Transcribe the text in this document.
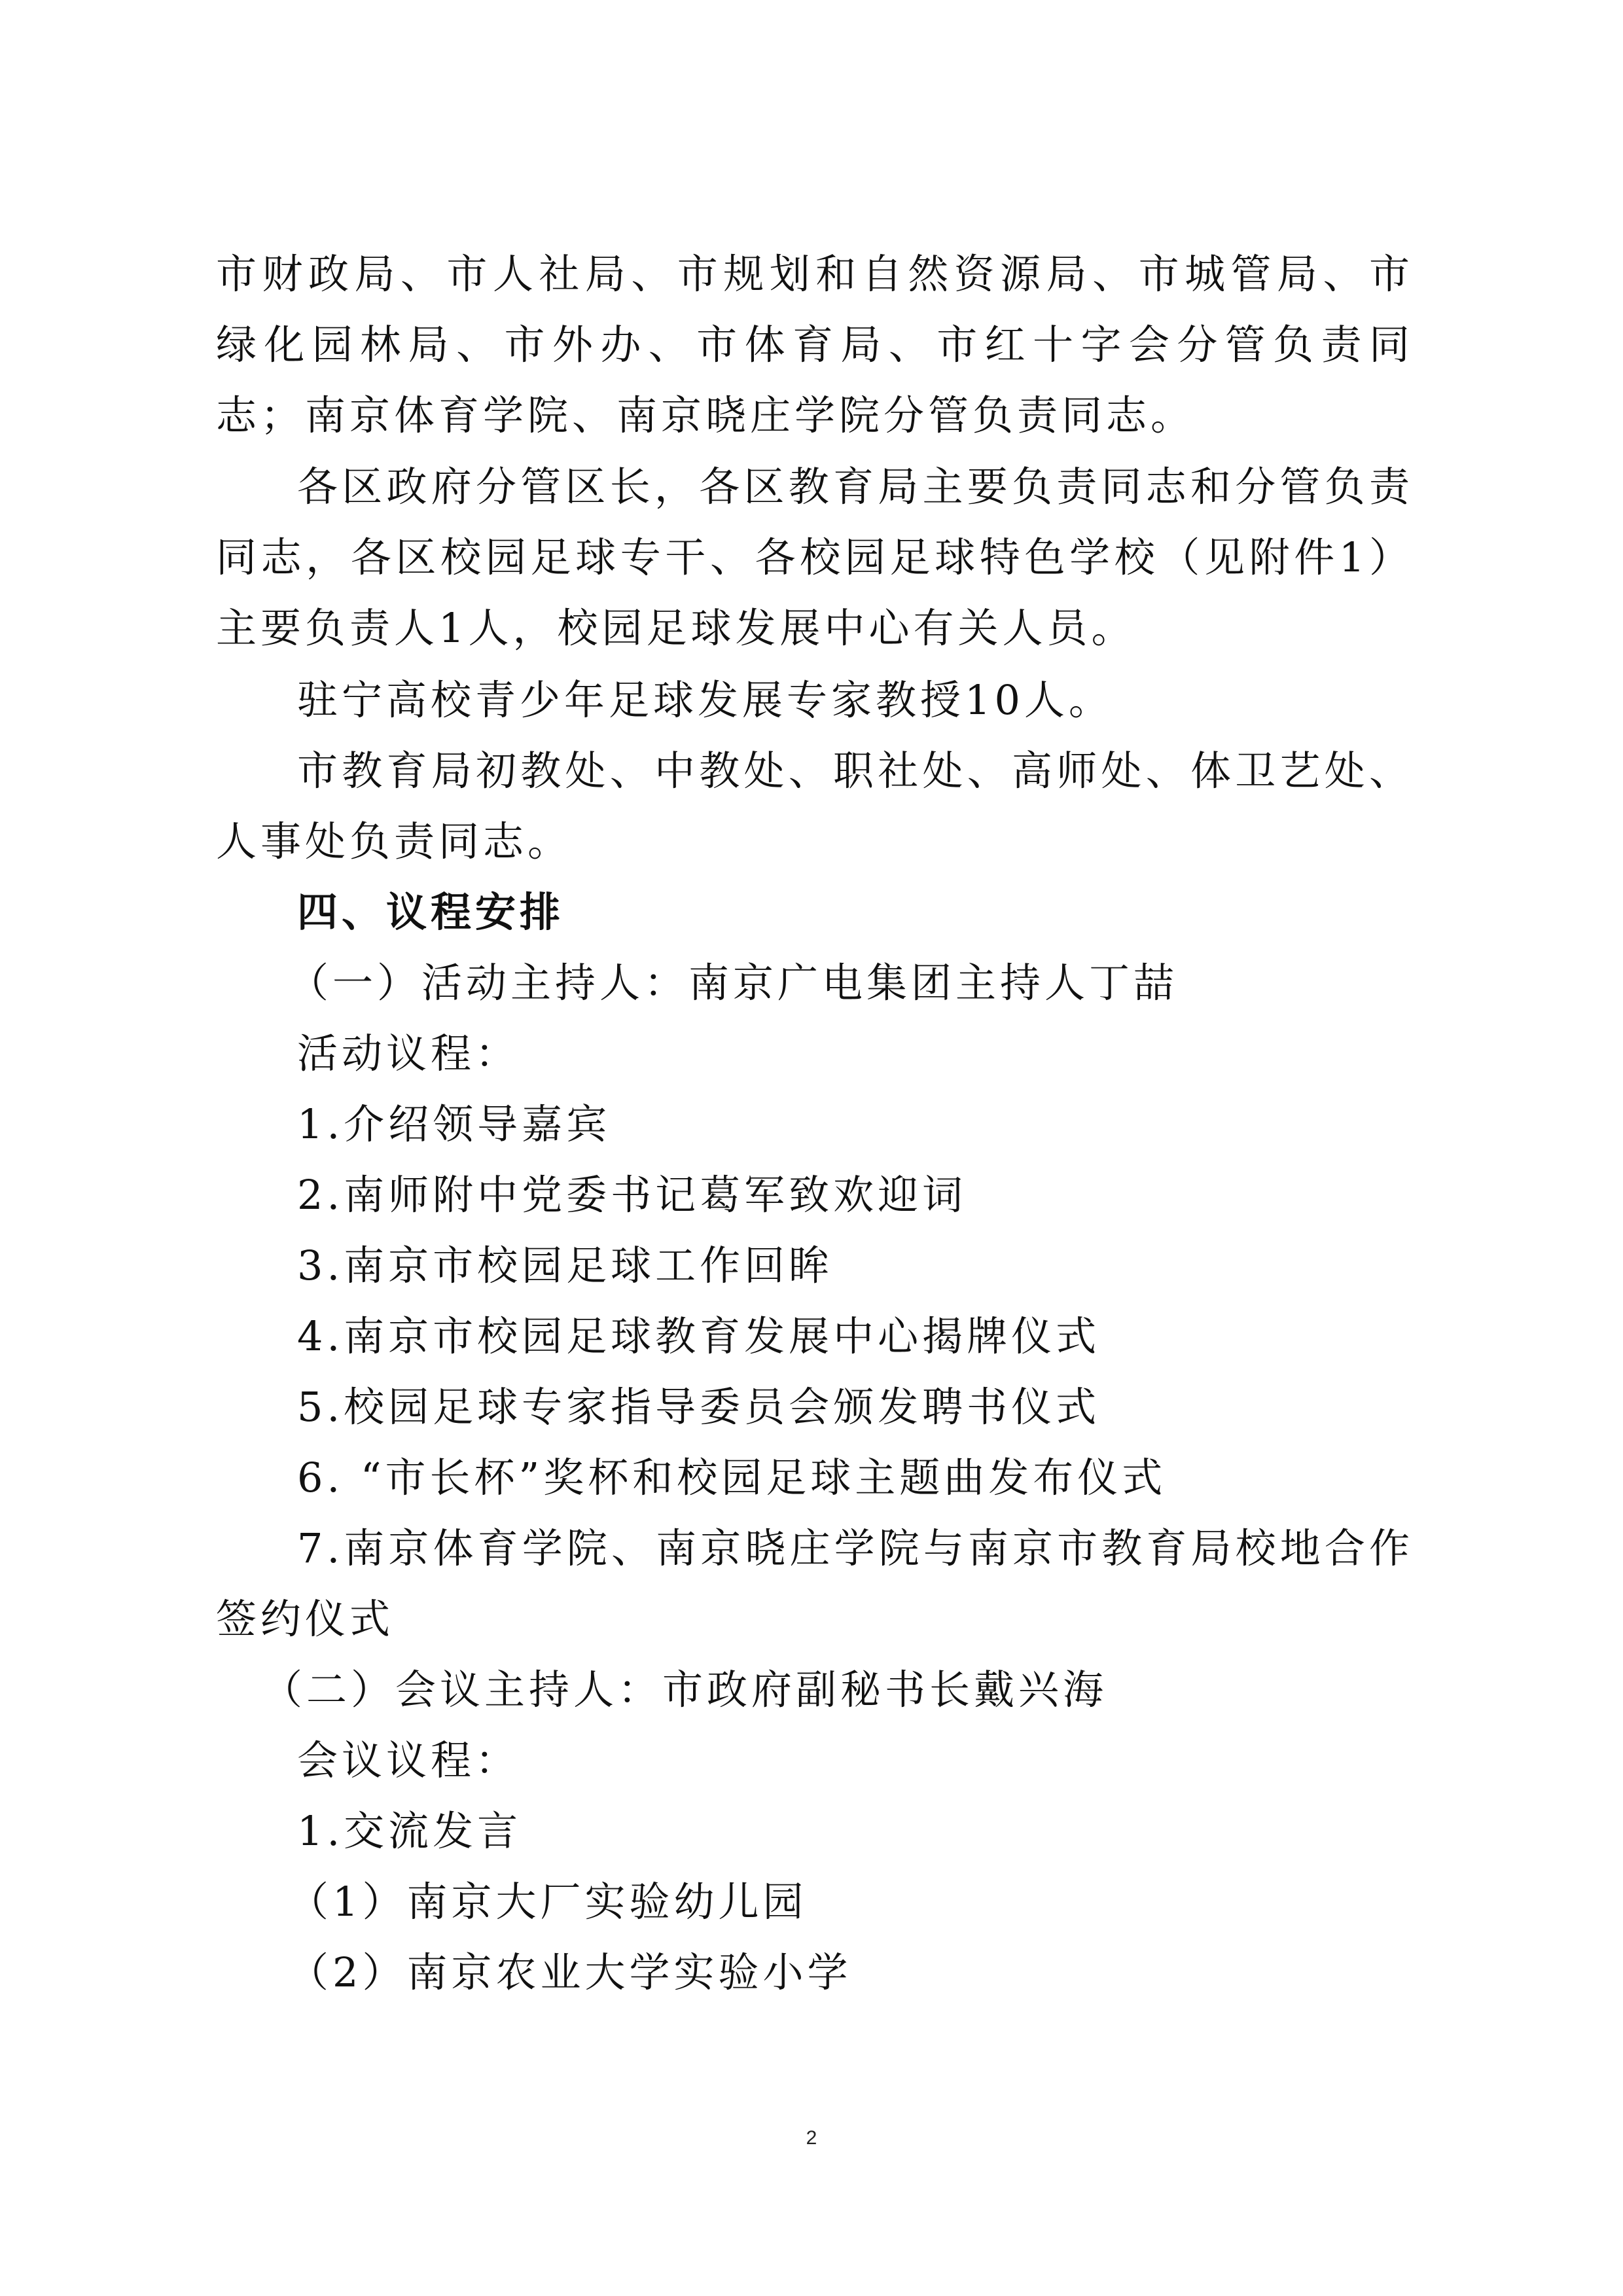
市财政局、市人社局、市规划和自然资源局、市城管局、市绿化园林局、市外办、市体育局、市红十字会分管负责同志；南京体育学院、南京晓庄学院分管负责同志。

各区政府分管区长，各区教育局主要负责同志和分管负责同志，各区校园足球专干、各校园足球特色学校（见附件1）主要负责人1人，校园足球发展中心有关人员。

驻宁高校青少年足球发展专家教授10人。

市教育局初教处、中教处、职社处、高师处、体卫艺处、人事处负责同志。

四、议程安排

（一）活动主持人：南京广电集团主持人丁喆

活动议程：

1.介绍领导嘉宾

2.南师附中党委书记葛军致欢迎词

3.南京市校园足球工作回眸

4.南京市校园足球教育发展中心揭牌仪式

5.校园足球专家指导委员会颁发聘书仪式

6. “市长杯”奖杯和校园足球主题曲发布仪式

7.南京体育学院、南京晓庄学院与南京市教育局校地合作签约仪式

（二）会议主持人：市政府副秘书长戴兴海

会议议程：

1.交流发言

（1）南京大厂实验幼儿园

（2）南京农业大学实验小学

2
